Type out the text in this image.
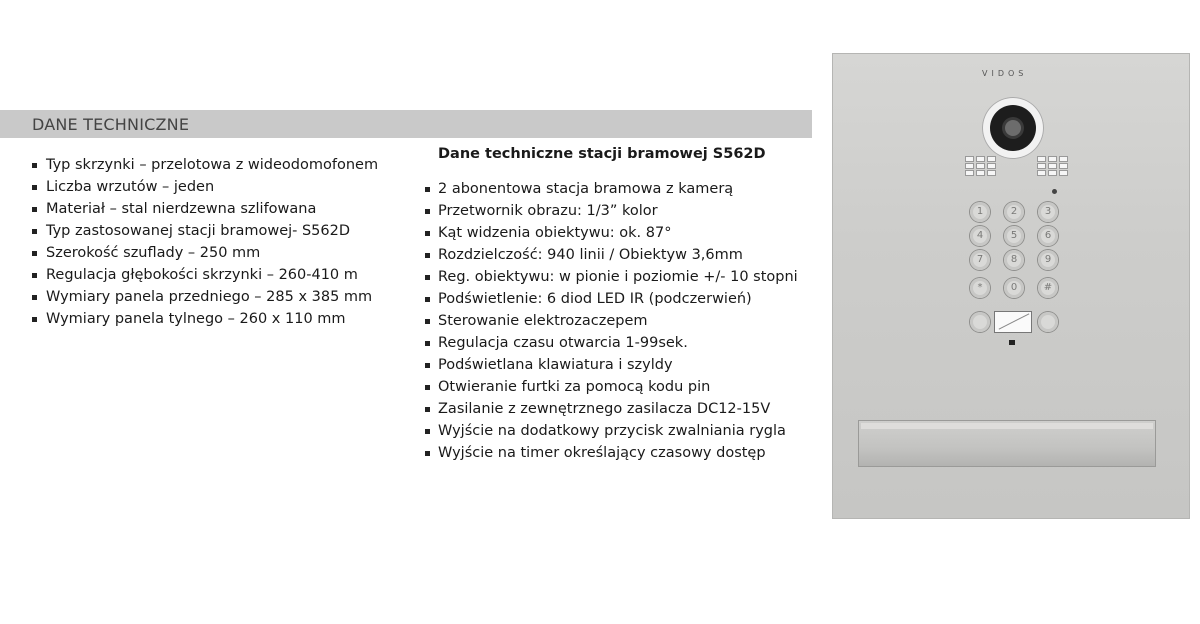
DANE TECHNICZNE
Typ skrzynki – przelotowa z wideodomofonem
Liczba wrzutów – jeden
Materiał – stal nierdzewna szlifowana
Typ zastosowanej stacji bramowej- S562D
Szerokość szuflady – 250 mm
Regulacja głębokości skrzynki – 260-410 m
Wymiary panela przedniego – 285 x 385 mm
Wymiary panela tylnego – 260 x 110 mm
Dane techniczne stacji bramowej S562D
2 abonentowa stacja bramowa z kamerą
Przetwornik obrazu: 1/3” kolor
Kąt widzenia obiektywu: ok. 87°
Rozdzielczość: 940 linii / Obiektyw 3,6mm
Reg. obiektywu: w pionie i poziomie +/- 10 stopni
Podświetlenie: 6 diod LED IR (podczerwień)
Sterowanie elektrozaczepem
Regulacja czasu otwarcia 1-99sek.
Podświetlana klawiatura i szyldy
Otwieranie furtki za pomocą kodu pin
Zasilanie z zewnętrznego zasilacza DC12-15V
Wyjście na dodatkowy przycisk zwalniania rygla
Wyjście na timer określający czasowy dostęp
VIDOS
1	2	3
4	5	6
7	8	9
*	0	#
